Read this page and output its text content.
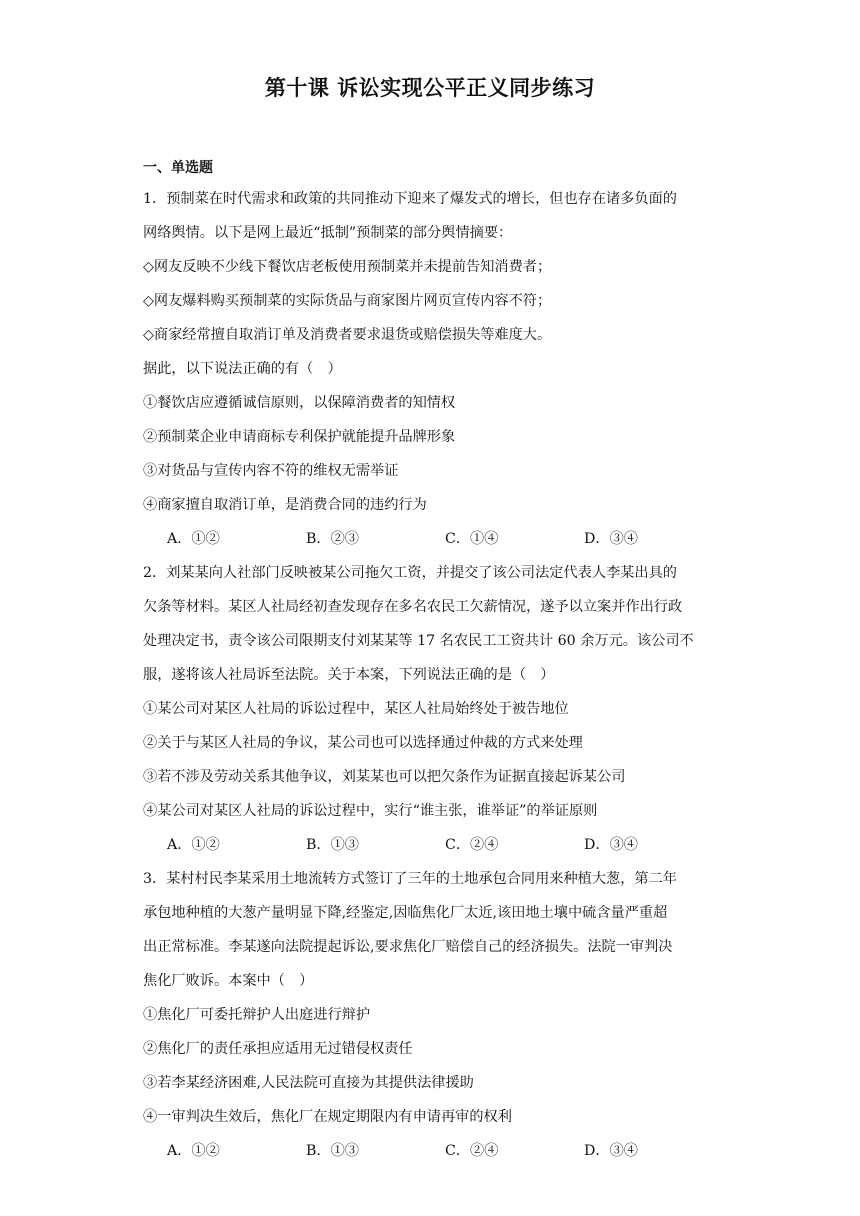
第十课 诉讼实现公平正义同步练习
一、单选题
1．预制菜在时代需求和政策的共同推动下迎来了爆发式的增长，但也存在诸多负面的
网络舆情。以下是网上最近“抵制”预制菜的部分舆情摘要：
◇网友反映不少线下餐饮店老板使用预制菜并未提前告知消费者；
◇网友爆料购买预制菜的实际货品与商家图片网页宣传内容不符；
◇商家经常擅自取消订单及消费者要求退货或赔偿损失等难度大。
据此，以下说法正确的有（　）
①餐饮店应遵循诚信原则，以保障消费者的知情权
②预制菜企业申请商标专利保护就能提升品牌形象
③对货品与宣传内容不符的维权无需举证
④商家擅自取消订单，是消费合同的违约行为
A．①②	B．②③	C．①④	D．③④
2．刘某某向人社部门反映被某公司拖欠工资，并提交了该公司法定代表人李某出具的
欠条等材料。某区人社局经初查发现存在多名农民工欠薪情况，遂予以立案并作出行政
处理决定书，责令该公司限期支付刘某某等 17 名农民工工资共计 60 余万元。该公司不
服，遂将该人社局诉至法院。关于本案，下列说法正确的是（　）
①某公司对某区人社局的诉讼过程中，某区人社局始终处于被告地位
②关于与某区人社局的争议，某公司也可以选择通过仲裁的方式来处理
③若不涉及劳动关系其他争议，刘某某也可以把欠条作为证据直接起诉某公司
④某公司对某区人社局的诉讼过程中，实行“谁主张，谁举证”的举证原则
A．①②	B．①③	C．②④	D．③④
3．某村村民李某采用土地流转方式签订了三年的土地承包合同用来种植大葱，第二年
承包地种植的大葱产量明显下降,经鉴定,因临焦化厂太近,该田地土壤中硫含量严重超
出正常标准。李某遂向法院提起诉讼,要求焦化厂赔偿自己的经济损失。法院一审判决
焦化厂败诉。本案中（　）
①焦化厂可委托辩护人出庭进行辩护
②焦化厂的责任承担应适用无过错侵权责任
③若李某经济困难,人民法院可直接为其提供法律援助
④一审判决生效后，焦化厂在规定期限内有申请再审的权利
A．①②	B．①③	C．②④	D．③④
